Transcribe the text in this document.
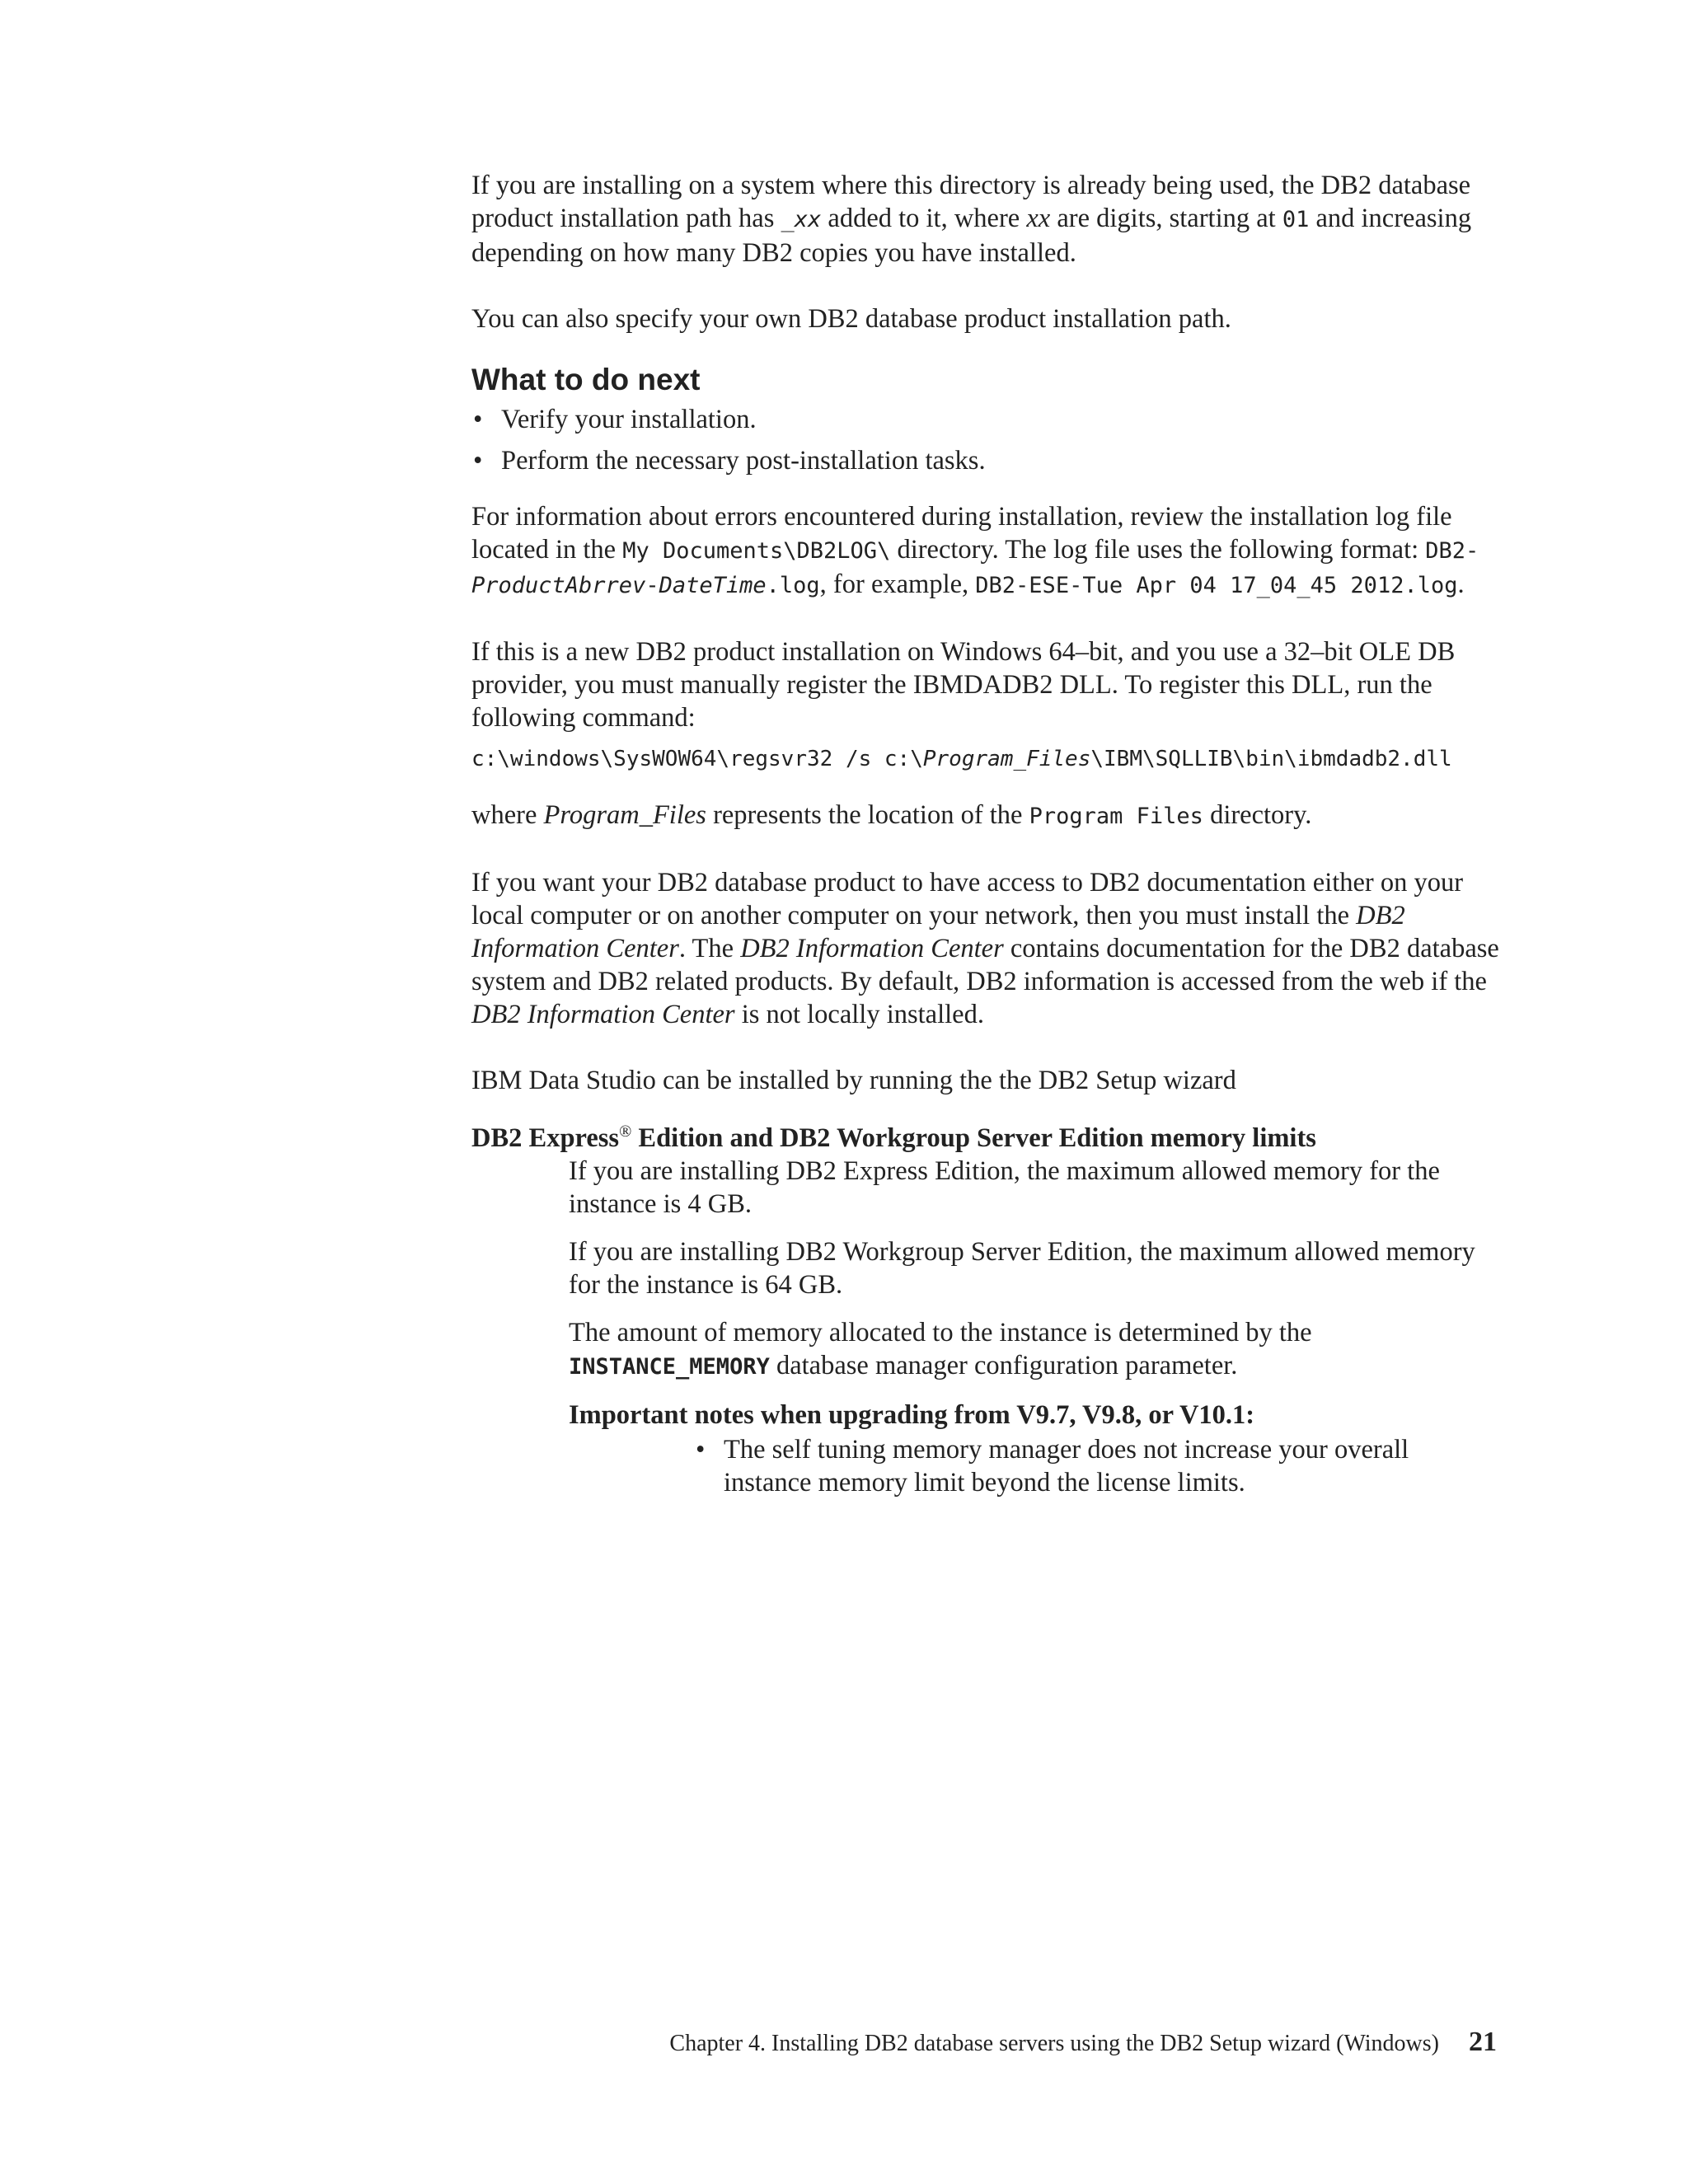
If you are installing on a system where this directory is already being used, the DB2 database product installation path has _xx added to it, where xx are digits, starting at 01 and increasing depending on how many DB2 copies you have installed.

You can also specify your own DB2 database product installation path.

What to do next
• Verify your installation.
• Perform the necessary post-installation tasks.

For information about errors encountered during installation, review the installation log file located in the My Documents\DB2LOG\ directory. The log file uses the following format: DB2-ProductAbrrev-DateTime.log, for example, DB2-ESE-Tue Apr 04 17_04_45 2012.log.

If this is a new DB2 product installation on Windows 64–bit, and you use a 32–bit OLE DB provider, you must manually register the IBMDADB2 DLL. To register this DLL, run the following command:

c:\windows\SysWOW64\regsvr32 /s c:\Program_Files\IBM\SQLLIB\bin\ibmdadb2.dll

where Program_Files represents the location of the Program Files directory.

If you want your DB2 database product to have access to DB2 documentation either on your local computer or on another computer on your network, then you must install the DB2 Information Center. The DB2 Information Center contains documentation for the DB2 database system and DB2 related products. By default, DB2 information is accessed from the web if the DB2 Information Center is not locally installed.

IBM Data Studio can be installed by running the the DB2 Setup wizard

DB2 Express® Edition and DB2 Workgroup Server Edition memory limits

If you are installing DB2 Express Edition, the maximum allowed memory for the instance is 4 GB.

If you are installing DB2 Workgroup Server Edition, the maximum allowed memory for the instance is 64 GB.

The amount of memory allocated to the instance is determined by the INSTANCE_MEMORY database manager configuration parameter.

Important notes when upgrading from V9.7, V9.8, or V10.1:
• The self tuning memory manager does not increase your overall instance memory limit beyond the license limits.
Chapter 4. Installing DB2 database servers using the DB2 Setup wizard (Windows) 21
